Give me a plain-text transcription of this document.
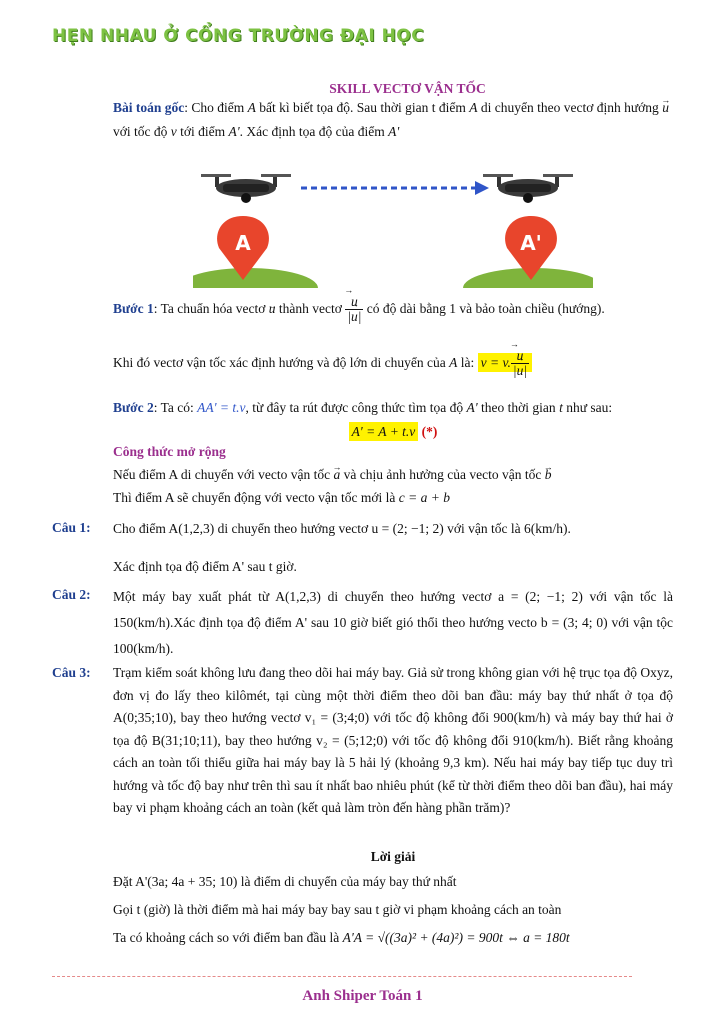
HẸN NHAU Ở CỔNG TRƯỜNG ĐẠI HỌC
SKILL VECTƠ VẬN TỐC
Bài toán gốc: Cho điểm A bất kì biết tọa độ. Sau thời gian t điểm A di chuyển theo vectơ định hướng → u với tốc độ v tới điểm A'. Xác định tọa độ của điểm A'
A	A'
Bước 1: Ta chuẩn hóa vectơ → u thành vectơ → $\frac{u}{|\to u|}$ có độ dài bằng 1 và bảo toàn chiều (hướng).
Khi đó vectơ vận tốc xác định hướng và độ lớn di chuyển của A là: v = v. → $\frac{u}{|\to u|}$
Bước 2: Ta có: AA' = t.v, từ đây ta rút được công thức tìm tọa độ A' theo thời gian t như sau:
A' = A + t.v (*)
Công thức mở rộng
Nếu điểm A di chuyển với vecto vận tốc → a và chịu ảnh hưởng của vecto vận tốc → b
Thì điểm A sẽ chuyển động với vecto vận tốc mới là c = a + b
Câu 1: Cho điểm A(1,2,3) di chuyển theo hướng vectơ u = (2; −1; 2) với vận tốc là 6(km/h).
Xác định tọa độ điểm A' sau t giờ.
Câu 2: Một máy bay xuất phát từ A(1,2,3) di chuyển theo hướng vectơ a = (2; −1; 2) với vận tốc là 150(km/h).Xác định tọa độ điểm A' sau 10 giờ biết gió thổi theo hướng vecto b = (3; 4; 0) với vận tộc 100(km/h).
Câu 3: Trạm kiểm soát không lưu đang theo dõi hai máy bay. Giả sử trong không gian với hệ trục tọa độ Oxyz, đơn vị đo lấy theo kilômét, tại cùng một thời điểm theo dõi ban đầu: máy bay thứ nhất ở tọa độ A(0;35;10), bay theo hướng vectơ v₁ = (3;4;0) với tốc độ không đổi 900(km/h) và máy bay thứ hai ở tọa độ B(31;10;11), bay theo hướng v₂ = (5;12;0) với tốc độ không đổi 910(km/h). Biết rằng khoảng cách an toàn tối thiểu giữa hai máy bay là 5 hải lý (khoảng 9,3 km). Nếu hai máy bay tiếp tục duy trì hướng và tốc độ bay như trên thì sau ít nhất bao nhiêu phút (kể từ thời điểm theo dõi ban đầu), hai máy bay vi phạm khoảng cách an toàn (kết quả làm tròn đến hàng phần trăm)?
Lời giải
Đặt A'(3a; 4a + 35; 10) là điểm di chuyển của máy bay thứ nhất
Gọi t (giờ) là thời điểm mà hai máy bay bay sau t giờ vi phạm khoảng cách an toàn
Ta có khoảng cách so với điểm ban đầu là A'A = √((3a)² + (4a)²) = 900t ⇔ a = 180t
Anh Shiper Toán 1
